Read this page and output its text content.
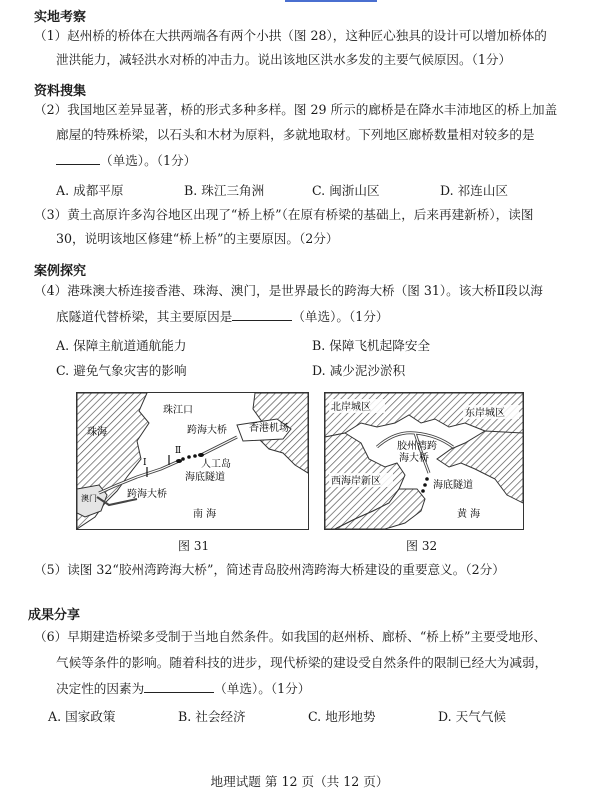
实地考察
（1）赵州桥的桥体在大拱两端各有两个小拱（图 28），这种匠心独具的设计可以增加桥体的
泄洪能力，减轻洪水对桥的冲击力。说出该地区洪水多发的主要气候原因。（1分）
资料搜集
（2）我国地区差异显著，桥的形式多种多样。图 29 所示的廊桥是在降水丰沛地区的桥上加盖
廊屋的特殊桥梁，以石头和木材为原料，多就地取材。下列地区廊桥数量相对较多的是
（单选）。（1分）
A. 成都平原	B. 珠江三角洲	C. 闽浙山区	D. 祁连山区
（3）黄土高原许多沟谷地区出现了“桥上桥”（在原有桥梁的基础上，后来再建新桥），读图
30，说明该地区修建“桥上桥”的主要原因。（2分）
案例探究
（4）港珠澳大桥连接香港、珠海、澳门，是世界最长的跨海大桥（图 31）。该大桥Ⅱ段以海
底隧道代替桥梁，其主要原因是	（单选）。（1分）
A. 保障主航道通航能力	B. 保障飞机起降安全
C. 避免气象灾害的影响	D. 减少泥沙淤积
珠江口
珠海	跨海大桥 香港机场
Ⅱ
Ⅰ	人工岛
海底隧道
跨海大桥
澳门
南 海
北岸城区
东岸城区
胶州湾跨
海大桥
西海岸新区	海底隧道
黄 海
图 31	图 32
（5）读图 32“胶州湾跨海大桥”，简述青岛胶州湾跨海大桥建设的重要意义。（2分）
成果分享
（6）早期建造桥梁多受制于当地自然条件。如我国的赵州桥、廊桥、“桥上桥”主要受地形、
气候等条件的影响。随着科技的进步，现代桥梁的建设受自然条件的限制已经大为减弱，
决定性的因素为	（单选）。（1分）
A. 国家政策	B. 社会经济	C. 地形地势	D. 天气气候
地理试题 第 12 页（共 12 页）
